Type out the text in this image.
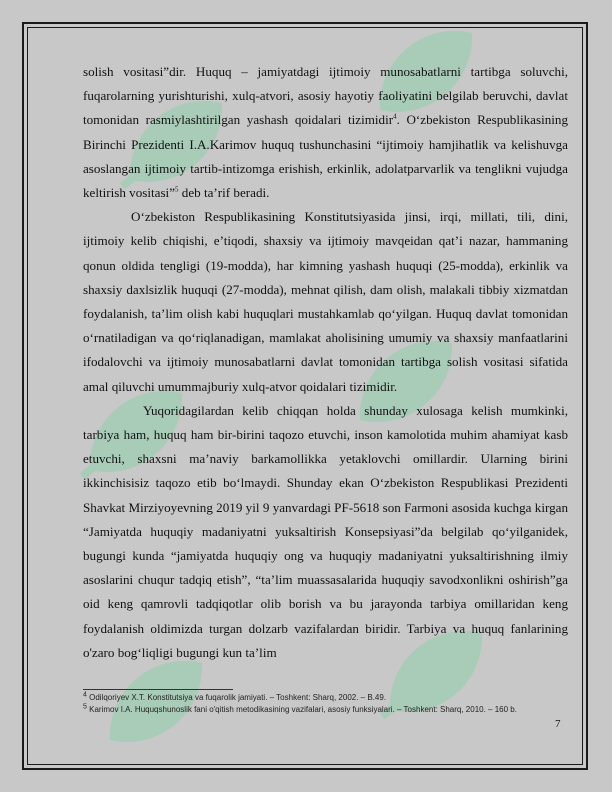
solish vositasi”dir. Huquq – jamiyatdagi ijtimoiy munosabatlarni tartibga soluvchi, fuqarolarning yurishturishi, xulq-atvori, asosiy hayotiy faoliyatini belgilab beruvchi, davlat tomonidan rasmiylashtirilgan yashash qoidalari tizimidir$^4$. O‘zbekiston Respublikasining Birinchi Prezidenti I.A.Karimov huquq tushunchasini “ijtimoiy hamjihatlik va kelishuvga asoslangan ijtimoiy tartib-intizomga erishish, erkinlik, adolatparvarlik va tenglikni vujudga keltirish vositasi”$^5$ deb ta’rif beradi.

O‘zbekiston Respublikasining Konstitutsiyasida jinsi, irqi, millati, tili, dini, ijtimoiy kelib chiqishi, e’tiqodi, shaxsiy va ijtimoiy mavqeidan qat’i nazar, hammaning qonun oldida tengligi (19-modda), har kimning yashash huquqi (25-modda), erkinlik va shaxsiy daxlsizlik huquqi (27-modda), mehnat qilish, dam olish, malakali tibbiy xizmatdan foydalanish, ta’lim olish kabi huquqlari mustahkamlab qo‘yilgan. Huquq davlat tomonidan o‘rnatiladigan va qo‘riqlanadigan, mamlakat aholisining umumiy va shaxsiy manfaatlarini ifodalovchi va ijtimoiy munosabatlarni davlat tomonidan tartibga solish vositasi sifatida amal qiluvchi umummajburiy xulq-atvor qoidalari tizimidir.

Yuqoridagilardan kelib chiqqan holda shunday xulosaga kelish mumkinki, tarbiya ham, huquq ham bir-birini taqozo etuvchi, inson kamolotida muhim ahamiyat kasb etuvchi, shaxsni ma’naviy barkamollikka yetaklovchi omillardir. Ularning birini ikkinchisisiz taqozo etib bo‘lmaydi. Shunday ekan O‘zbekiston Respublikasi Prezidenti Shavkat Mirziyoyevning 2019 yil 9 yanvardagi PF-5618 son Farmoni asosida kuchga kirgan “Jamiyatda huquqiy madaniyatni yuksaltirish Konsepsiyasi”da belgilab qo‘yilganidek, bugungi kunda “jamiyatda huquqiy ong va huquqiy madaniyatni yuksaltirishning ilmiy asoslarini chuqur tadqiq etish”, “ta’lim muassasalarida huquqiy savodxonlikni oshirish”ga oid keng qamrovli tadqiqotlar olib borish va bu jarayonda tarbiya omillaridan keng foydalanish oldimizda turgan dolzarb vazifalardan biridir. Tarbiya va huquq fanlarining o'zaro bog‘liqligi bugungi kun ta’lim

$^4$ Odilqoriyev X.T. Konstitutsiya va fuqarolik jamiyati. – Toshkent: Sharq, 2002. – B.49.

$^5$ Karimov I.A. Huquqshunoslik fani o'qitish metodikasining vazifalari, asosiy funksiyalari. – Toshkent: Sharq, 2010. – 160 b.

7
